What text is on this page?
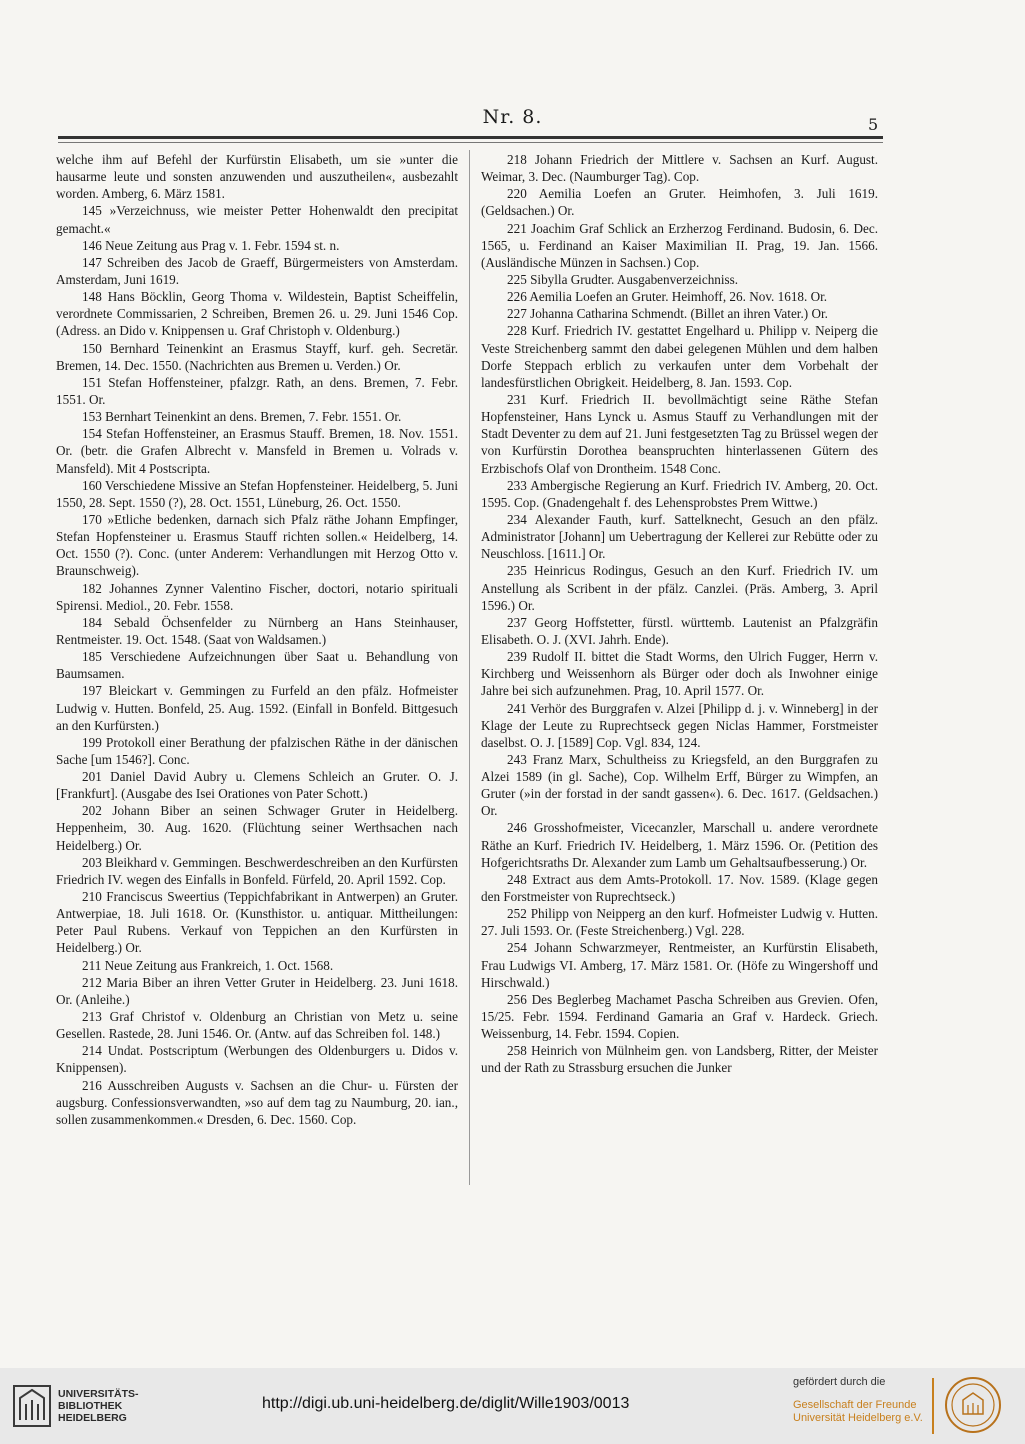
Nr. 8.	5

welche ihm auf Befehl der Kurfürstin Elisabeth, um sie »unter die hausarme leute und sonsten anzuwenden und auszutheilen«, ausbezahlt worden. Amberg, 6. März 1581.

145 »Verzeichnuss, wie meister Petter Hohenwaldt den precipitat gemacht.«

146 Neue Zeitung aus Prag v. 1. Febr. 1594 st. n.

147 Schreiben des Jacob de Graeff, Bürgermeisters von Amsterdam. Amsterdam, Juni 1619.

148 Hans Böcklin, Georg Thoma v. Wildestein, Baptist Scheiffelin, verordnete Commissarien, 2 Schreiben, Bremen 26. u. 29. Juni 1546 Cop. (Adress. an Dido v. Knippensen u. Graf Christoph v. Oldenburg.)

150 Bernhard Teinenkint an Erasmus Stayff, kurf. geh. Secretär. Bremen, 14. Dec. 1550. (Nachrichten aus Bremen u. Verden.) Or.

151 Stefan Hoffensteiner, pfalzgr. Rath, an dens. Bremen, 7. Febr. 1551. Or.

153 Bernhart Teinenkint an dens. Bremen, 7. Febr. 1551. Or.

154 Stefan Hoffensteiner, an Erasmus Stauff. Bremen, 18. Nov. 1551. Or. (betr. die Grafen Albrecht v. Mansfeld in Bremen u. Volrads v. Mansfeld). Mit 4 Postscripta.

160 Verschiedene Missive an Stefan Hopfensteiner. Heidelberg, 5. Juni 1550, 28. Sept. 1550 (?), 28. Oct. 1551, Lüneburg, 26. Oct. 1550.

170 »Etliche bedenken, darnach sich Pfalz räthe Johann Empfinger, Stefan Hopfensteiner u. Erasmus Stauff richten sollen.« Heidelberg, 14. Oct. 1550 (?). Conc. (unter Anderem: Verhandlungen mit Herzog Otto v. Braunschweig).

182 Johannes Zynner Valentino Fischer, doctori, notario spirituali Spirensi. Mediol., 20. Febr. 1558.

184 Sebald Öchsenfelder zu Nürnberg an Hans Steinhauser, Rentmeister. 19. Oct. 1548. (Saat von Waldsamen.)

185 Verschiedene Aufzeichnungen über Saat u. Behandlung von Baumsamen.

197 Bleickart v. Gemmingen zu Furfeld an den pfälz. Hofmeister Ludwig v. Hutten. Bonfeld, 25. Aug. 1592. (Einfall in Bonfeld. Bittgesuch an den Kurfürsten.)

199 Protokoll einer Berathung der pfalzischen Räthe in der dänischen Sache [um 1546?]. Conc.

201 Daniel David Aubry u. Clemens Schleich an Gruter. O. J. [Frankfurt]. (Ausgabe des Isei Orationes von Pater Schott.)

202 Johann Biber an seinen Schwager Gruter in Heidelberg. Heppenheim, 30. Aug. 1620. (Flüchtung seiner Werthsachen nach Heidelberg.) Or.

203 Bleikhard v. Gemmingen. Beschwerdeschreiben an den Kurfürsten Friedrich IV. wegen des Einfalls in Bonfeld. Fürfeld, 20. April 1592. Cop.

210 Franciscus Sweertius (Teppichfabrikant in Antwerpen) an Gruter. Antwerpiae, 18. Juli 1618. Or. (Kunsthistor. u. antiquar. Mittheilungen: Peter Paul Rubens. Verkauf von Teppichen an den Kurfürsten in Heidelberg.) Or.

211 Neue Zeitung aus Frankreich, 1. Oct. 1568.

212 Maria Biber an ihren Vetter Gruter in Heidelberg. 23. Juni 1618. Or. (Anleihe.)

213 Graf Christof v. Oldenburg an Christian von Metz u. seine Gesellen. Rastede, 28. Juni 1546. Or. (Antw. auf das Schreiben fol. 148.)

214 Undat. Postscriptum (Werbungen des Oldenburgers u. Didos v. Knippensen).

216 Ausschreiben Augusts v. Sachsen an die Chur- u. Fürsten der augsburg. Confessionsverwandten, »so auf dem tag zu Naumburg, 20. ian., sollen zusammenkommen.« Dresden, 6. Dec. 1560. Cop.

218 Johann Friedrich der Mittlere v. Sachsen an Kurf. August. Weimar, 3. Dec. (Naumburger Tag). Cop.

220 Aemilia Loefen an Gruter. Heimhofen, 3. Juli 1619. (Geldsachen.) Or.

221 Joachim Graf Schlick an Erzherzog Ferdinand. Budosin, 6. Dec. 1565, u. Ferdinand an Kaiser Maximilian II. Prag, 19. Jan. 1566. (Ausländische Münzen in Sachsen.) Cop.

225 Sibylla Grudter. Ausgabenverzeichniss.

226 Aemilia Loefen an Gruter. Heimhoff, 26. Nov. 1618. Or.

227 Johanna Catharina Schmendt. (Billet an ihren Vater.) Or.

228 Kurf. Friedrich IV. gestattet Engelhard u. Philipp v. Neiperg die Veste Streichenberg sammt den dabei gelegenen Mühlen und dem halben Dorfe Steppach erblich zu verkaufen unter dem Vorbehalt der landesfürstlichen Obrigkeit. Heidelberg, 8. Jan. 1593. Cop.

231 Kurf. Friedrich II. bevollmächtigt seine Räthe Stefan Hopfensteiner, Hans Lynck u. Asmus Stauff zu Verhandlungen mit der Stadt Deventer zu dem auf 21. Juni festgesetzten Tag zu Brüssel wegen der von Kurfürstin Dorothea beanspruchten hinterlassenen Gütern des Erzbischofs Olaf von Drontheim. 1548 Conc.

233 Ambergische Regierung an Kurf. Friedrich IV. Amberg, 20. Oct. 1595. Cop. (Gnadengehalt f. des Lehensprobstes Prem Wittwe.)

234 Alexander Fauth, kurf. Sattelknecht, Gesuch an den pfälz. Administrator [Johann] um Uebertragung der Kellerei zur Rebütte oder zu Neuschloss. [1611.] Or.

235 Heinricus Rodingus, Gesuch an den Kurf. Friedrich IV. um Anstellung als Scribent in der pfälz. Canzlei. (Präs. Amberg, 3. April 1596.) Or.

237 Georg Hoffstetter, fürstl. württemb. Lautenist an Pfalzgräfin Elisabeth. O. J. (XVI. Jahrh. Ende).

239 Rudolf II. bittet die Stadt Worms, den Ulrich Fugger, Herrn v. Kirchberg und Weissenhorn als Bürger oder doch als Inwohner einige Jahre bei sich aufzunehmen. Prag, 10. April 1577. Or.

241 Verhör des Burggrafen v. Alzei [Philipp d. j. v. Winneberg] in der Klage der Leute zu Ruprechtseck gegen Niclas Hammer, Forstmeister daselbst. O. J. [1589] Cop. Vgl. 834, 124.

243 Franz Marx, Schultheiss zu Kriegsfeld, an den Burggrafen zu Alzei 1589 (in gl. Sache), Cop. Wilhelm Erff, Bürger zu Wimpfen, an Gruter (»in der forstad in der sandt gassen«). 6. Dec. 1617. (Geldsachen.) Or.

246 Grosshofmeister, Vicecanzler, Marschall u. andere verordnete Räthe an Kurf. Friedrich IV. Heidelberg, 1. März 1596. Or. (Petition des Hofgerichtsraths Dr. Alexander zum Lamb um Gehaltsaufbesserung.) Or.

248 Extract aus dem Amts-Protokoll. 17. Nov. 1589. (Klage gegen den Forstmeister von Ruprechtseck.)

252 Philipp von Neipperg an den kurf. Hofmeister Ludwig v. Hutten. 27. Juli 1593. Or. (Feste Streichenberg.) Vgl. 228.

254 Johann Schwarzmeyer, Rentmeister, an Kurfürstin Elisabeth, Frau Ludwigs VI. Amberg, 17. März 1581. Or. (Höfe zu Wingershoff und Hirschwald.)

256 Des Beglerbeg Machamet Pascha Schreiben aus Grevien. Ofen, 15/25. Febr. 1594. Ferdinand Gamaria an Graf v. Hardeck. Griech. Weissenburg, 14. Febr. 1594. Copien.

258 Heinrich von Mülnheim gen. von Landsberg, Ritter, der Meister und der Rath zu Strassburg ersuchen die Junker

UNIVERSITÄTS-
BIBLIOTHEK
HEIDELBERG
http://digi.ub.uni-heidelberg.de/diglit/Wille1903/0013
gefördert durch die
Gesellschaft der Freunde
Universität Heidelberg e.V.
